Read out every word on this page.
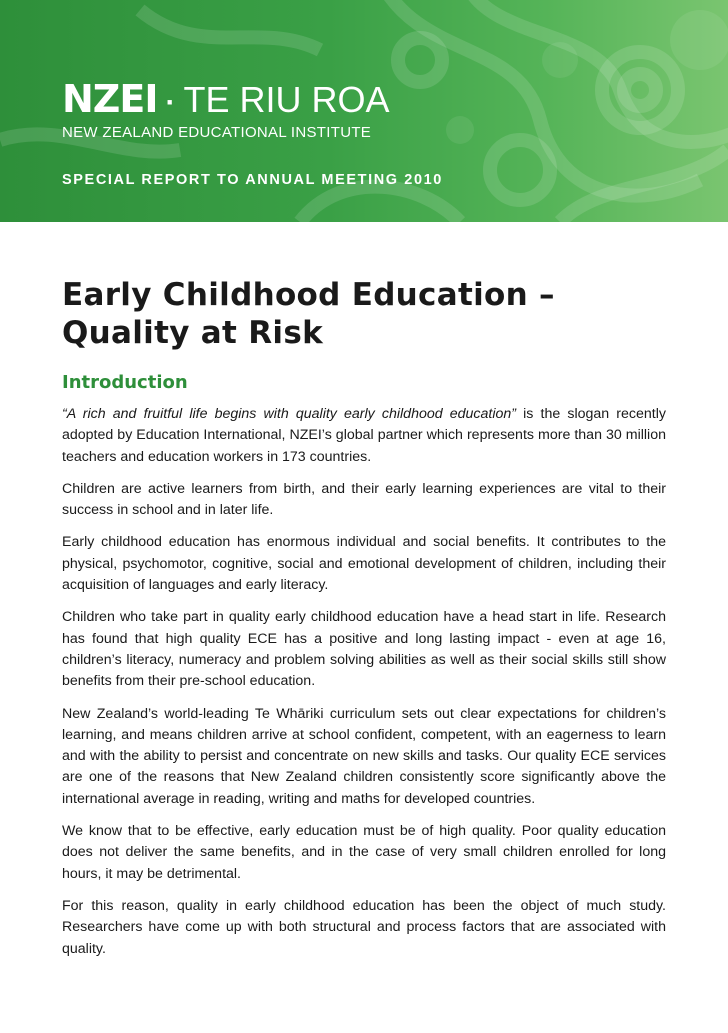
NZEI · TE RIU ROA
NEW ZEALAND EDUCATIONAL INSTITUTE
SPECIAL REPORT TO ANNUAL MEETING 2010
Early Childhood Education –
Quality at Risk
Introduction

“A rich and fruitful life begins with quality early childhood education” is the slogan recently adopted by Education International, NZEI’s global partner which represents more than 30 million teachers and education workers in 173 countries.

Children are active learners from birth, and their early learning experiences are vital to their success in school and in later life.

Early childhood education has enormous individual and social benefits. It contributes to the physical, psychomotor, cognitive, social and emotional development of children, including their acquisition of languages and early literacy.

Children who take part in quality early childhood education have a head start in life. Research has found that high quality ECE has a positive and long lasting impact - even at age 16, children’s literacy, numeracy and problem solving abilities as well as their social skills still show benefits from their pre-school education.

New Zealand’s world-leading Te Whāriki curriculum sets out clear expectations for children’s learning, and means children arrive at school confident, competent, with an eagerness to learn and with the ability to persist and concentrate on new skills and tasks. Our quality ECE services are one of the reasons that New Zealand children consistently score significantly above the international average in reading, writing and maths for developed countries.

We know that to be effective, early education must be of high quality. Poor quality education does not deliver the same benefits, and in the case of very small children enrolled for long hours, it may be detrimental.

For this reason, quality in early childhood education has been the object of much study. Researchers have come up with both structural and process factors that are associated with quality.
